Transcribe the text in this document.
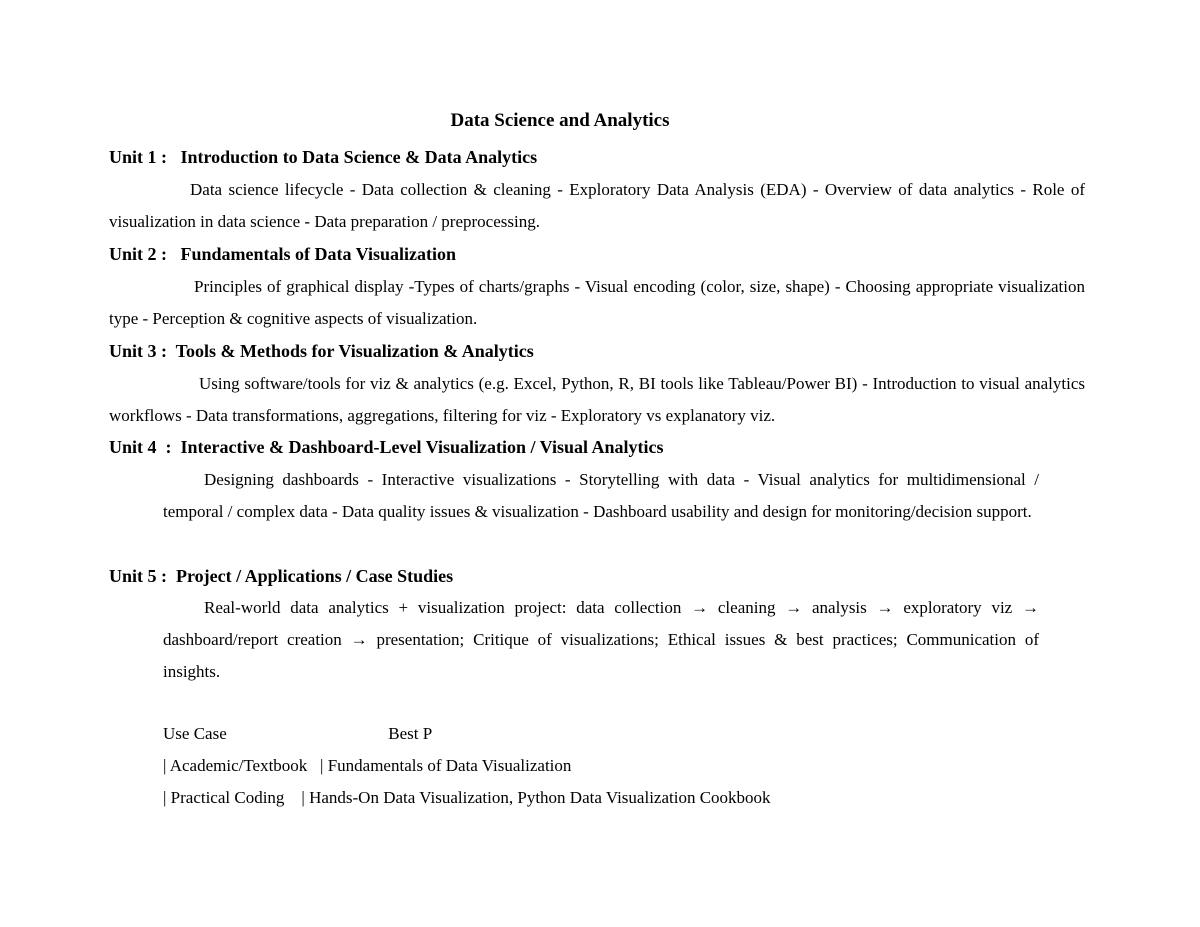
Data Science and Analytics
Unit 1 :   Introduction to Data Science & Data Analytics
Data science lifecycle - Data collection & cleaning - Exploratory Data Analysis (EDA) - Overview of data analytics - Role of visualization in data science - Data preparation / preprocessing.
Unit 2 :   Fundamentals of Data Visualization
Principles of graphical display -Types of charts/graphs - Visual encoding (color, size, shape) - Choosing appropriate visualization type - Perception & cognitive aspects of visualization.
Unit 3 :  Tools & Methods for Visualization & Analytics
Using software/tools for viz & analytics (e.g. Excel, Python, R, BI tools like Tableau/Power BI) - Introduction to visual analytics workflows - Data transformations, aggregations, filtering for viz - Exploratory vs explanatory viz.
Unit 4  :  Interactive & Dashboard-Level Visualization / Visual Analytics
Designing dashboards - Interactive visualizations - Storytelling with data - Visual analytics for multidimensional / temporal / complex data - Data quality issues & visualization - Dashboard usability and design for monitoring/decision support.
Unit 5 :  Project / Applications / Case Studies
Real-world data analytics + visualization project: data collection → cleaning → analysis → exploratory viz → dashboard/report creation → presentation; Critique of visualizations; Ethical issues & best practices; Communication of insights.
Use Case                                      Best P
| Academic/Textbook   | Fundamentals of Data Visualization
| Practical Coding    | Hands-On Data Visualization, Python Data Visualization Cookbook
